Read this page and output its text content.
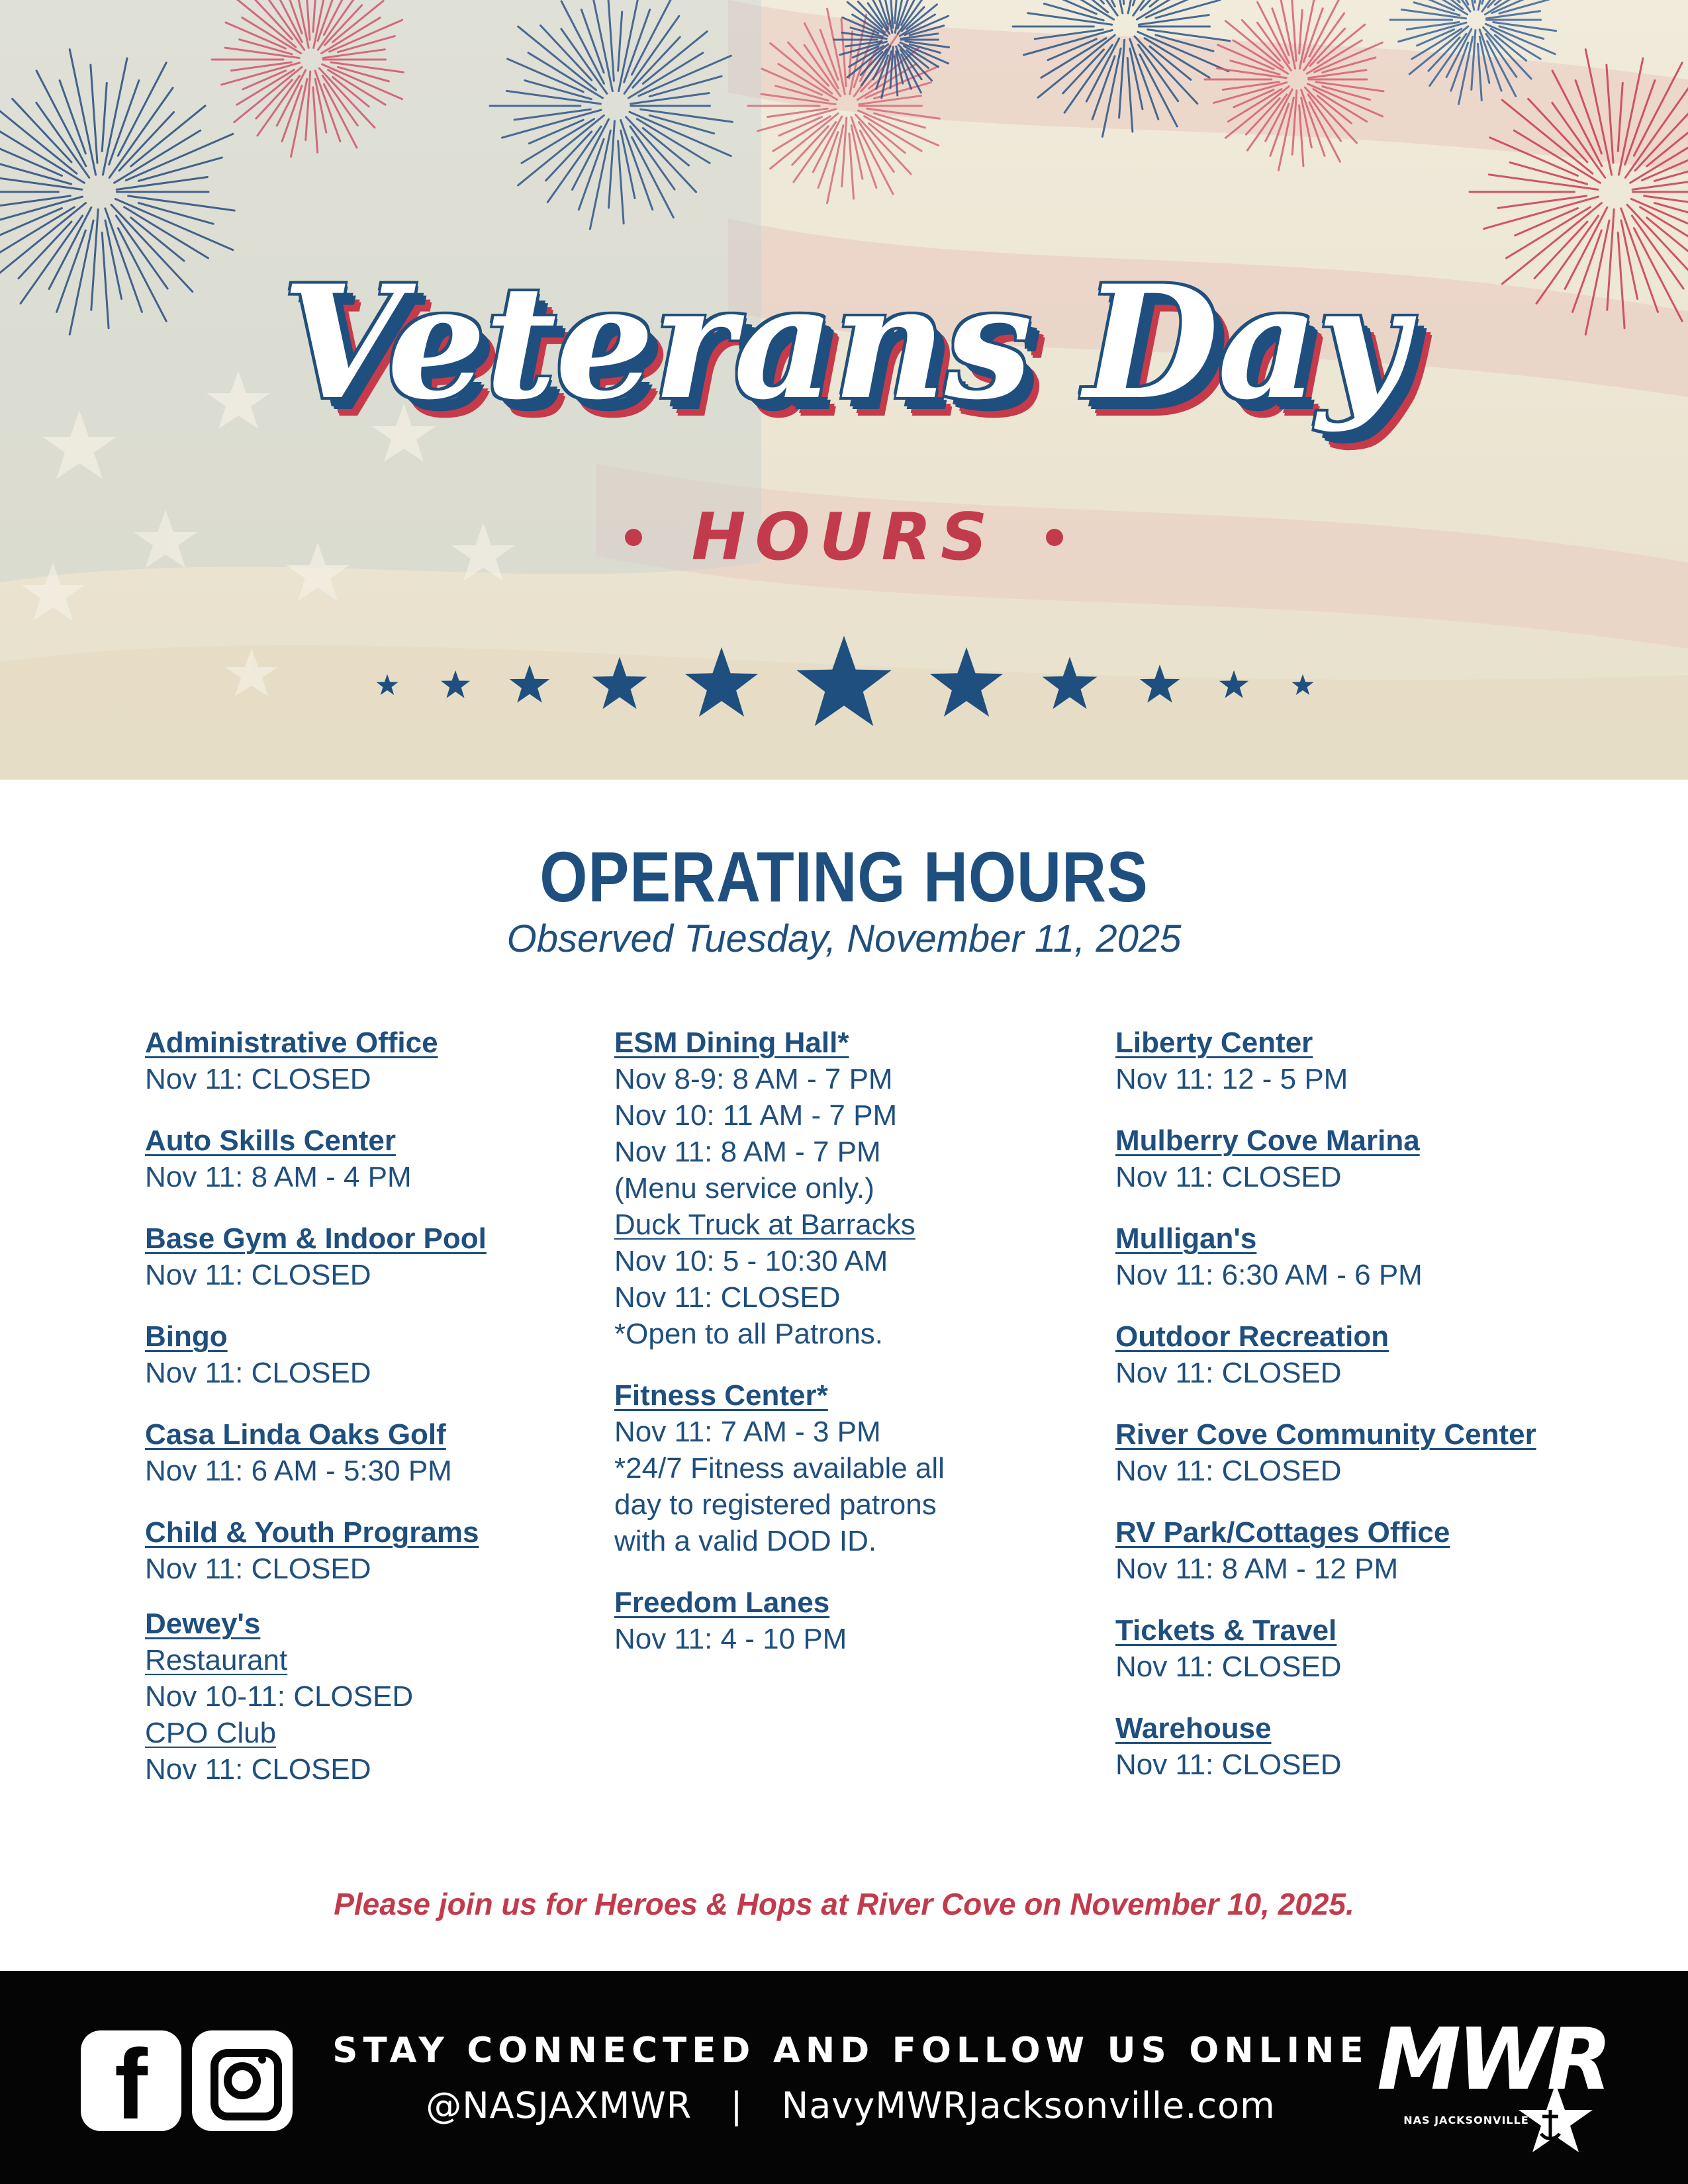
Veterans Day
HOURS
OPERATING HOURS
Observed Tuesday, November 11, 2025
Administrative Office
Nov 11: CLOSED
Auto Skills Center
Nov 11: 8 AM - 4 PM
Base Gym & Indoor Pool
Nov 11: CLOSED
Bingo
Nov 11: CLOSED
Casa Linda Oaks Golf
Nov 11: 6 AM - 5:30 PM
Child & Youth Programs
Nov 11: CLOSED
Dewey's
Restaurant
Nov 10-11: CLOSED
CPO Club
Nov 11: CLOSED
ESM Dining Hall*
Nov 8-9: 8 AM - 7 PM
Nov 10: 11 AM - 7 PM
Nov 11: 8 AM - 7 PM
(Menu service only.)
Duck Truck at Barracks
Nov 10: 5 - 10:30 AM
Nov 11: CLOSED
*Open to all Patrons.
Fitness Center*
Nov 11: 7 AM - 3 PM
*24/7 Fitness available all
day to registered patrons
with a valid DOD ID.
Freedom Lanes
Nov 11: 4 - 10 PM
Liberty Center
Nov 11: 12 - 5 PM
Mulberry Cove Marina
Nov 11: CLOSED
Mulligan's
Nov 11: 6:30 AM - 6 PM
Outdoor Recreation
Nov 11: CLOSED
River Cove Community Center
Nov 11: CLOSED
RV Park/Cottages Office
Nov 11: 8 AM - 12 PM
Tickets & Travel
Nov 11: CLOSED
Warehouse
Nov 11: CLOSED
Please join us for Heroes & Hops at River Cove on November 10, 2025.
f	STAY CONNECTED AND FOLLOW US ONLINE
@NASJAXMWR | NavyMWRJacksonville.com	MWR
NAS JACKSONVILLE
